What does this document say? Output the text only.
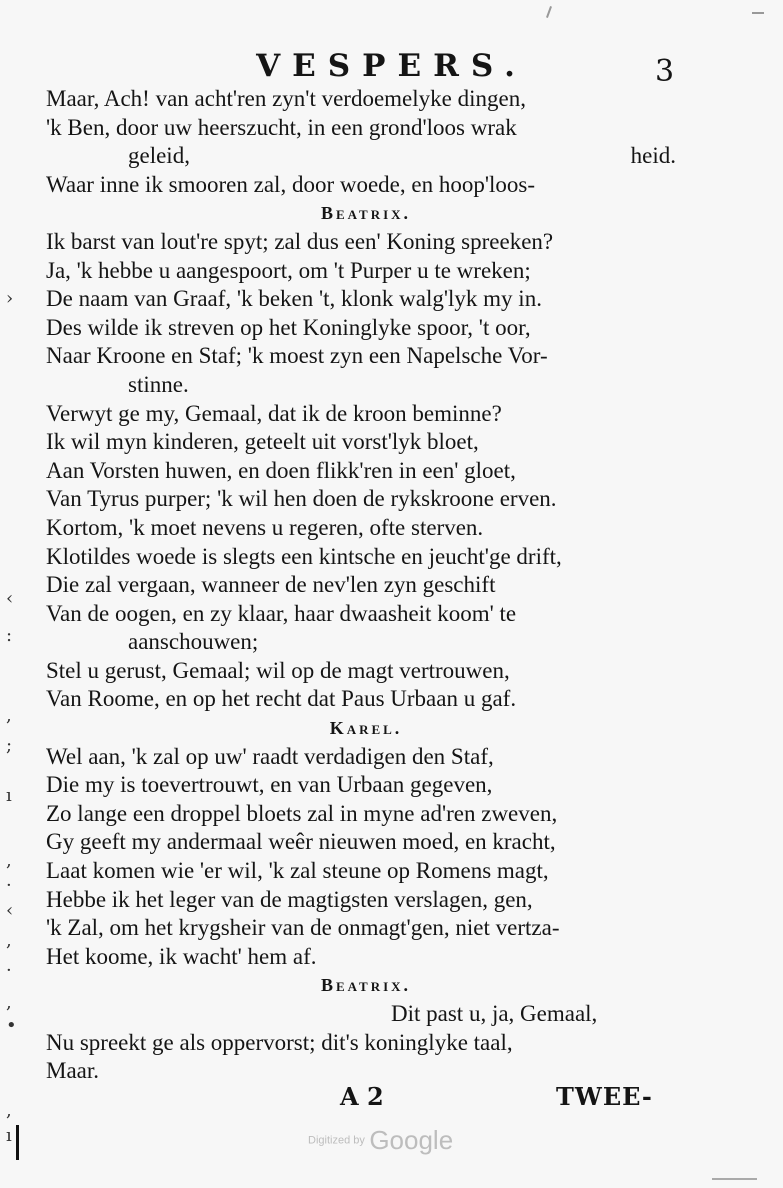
VESPERS.	3
Maar, Ach! van acht'ren zyn't verdoemelyke dingen,
'k Ben, door uw heerszucht, in een grond'loos wrak
geleid,	heid.
Waar inne ik smooren zal, door woede, en hoop'loos-
Beatrix.
Ik barst van lout're spyt; zal dus een' Koning spreeken?
Ja, 'k hebbe u aangespoort, om 't Purper u te wreken;
De naam van Graaf, 'k beken 't, klonk walg'lyk my in.
Des wilde ik streven op het Koninglyke spoor, 't oor,
Naar Kroone en Staf; 'k moest zyn een Napelsche Vor-
stinne.
Verwyt ge my, Gemaal, dat ik de kroon beminne?
Ik wil myn kinderen, geteelt uit vorst'lyk bloet,
Aan Vorsten huwen, en doen flikk'ren in een' gloet,
Van Tyrus purper; 'k wil hen doen de rykskroone erven.
Kortom, 'k moet nevens u regeren, ofte sterven.
Klotildes woede is slegts een kintsche en jeucht'ge drift,
Die zal vergaan, wanneer de nev'len zyn geschift
Van de oogen, en zy klaar, haar dwaasheit koom' te
aanschouwen;
Stel u gerust, Gemaal; wil op de magt vertrouwen,
Van Roome, en op het recht dat Paus Urbaan u gaf.
Karel.
Wel aan, 'k zal op uw' raadt verdadigen den Staf,
Die my is toevertrouwt, en van Urbaan gegeven,
Zo lange een droppel bloets zal in myne ad'ren zweven,
Gy geeft my andermaal weêr nieuwen moed, en kracht,
Laat komen wie 'er wil, 'k zal steune op Romens magt,
Hebbe ik het leger van de magtigsten verslagen, gen,
'k Zal, om het krygsheir van de onmagt'gen, niet vertza-
Het koome, ik wacht' hem af.
Beatrix.
Dit past u, ja, Gemaal,
Nu spreekt ge als oppervorst; dit's koninglyke taal,
Maar.
›
‹
:
,
;
ı
,
·
‹
,
·
,
•
,
ı
A 2	TWEE-
Digitized by Google
